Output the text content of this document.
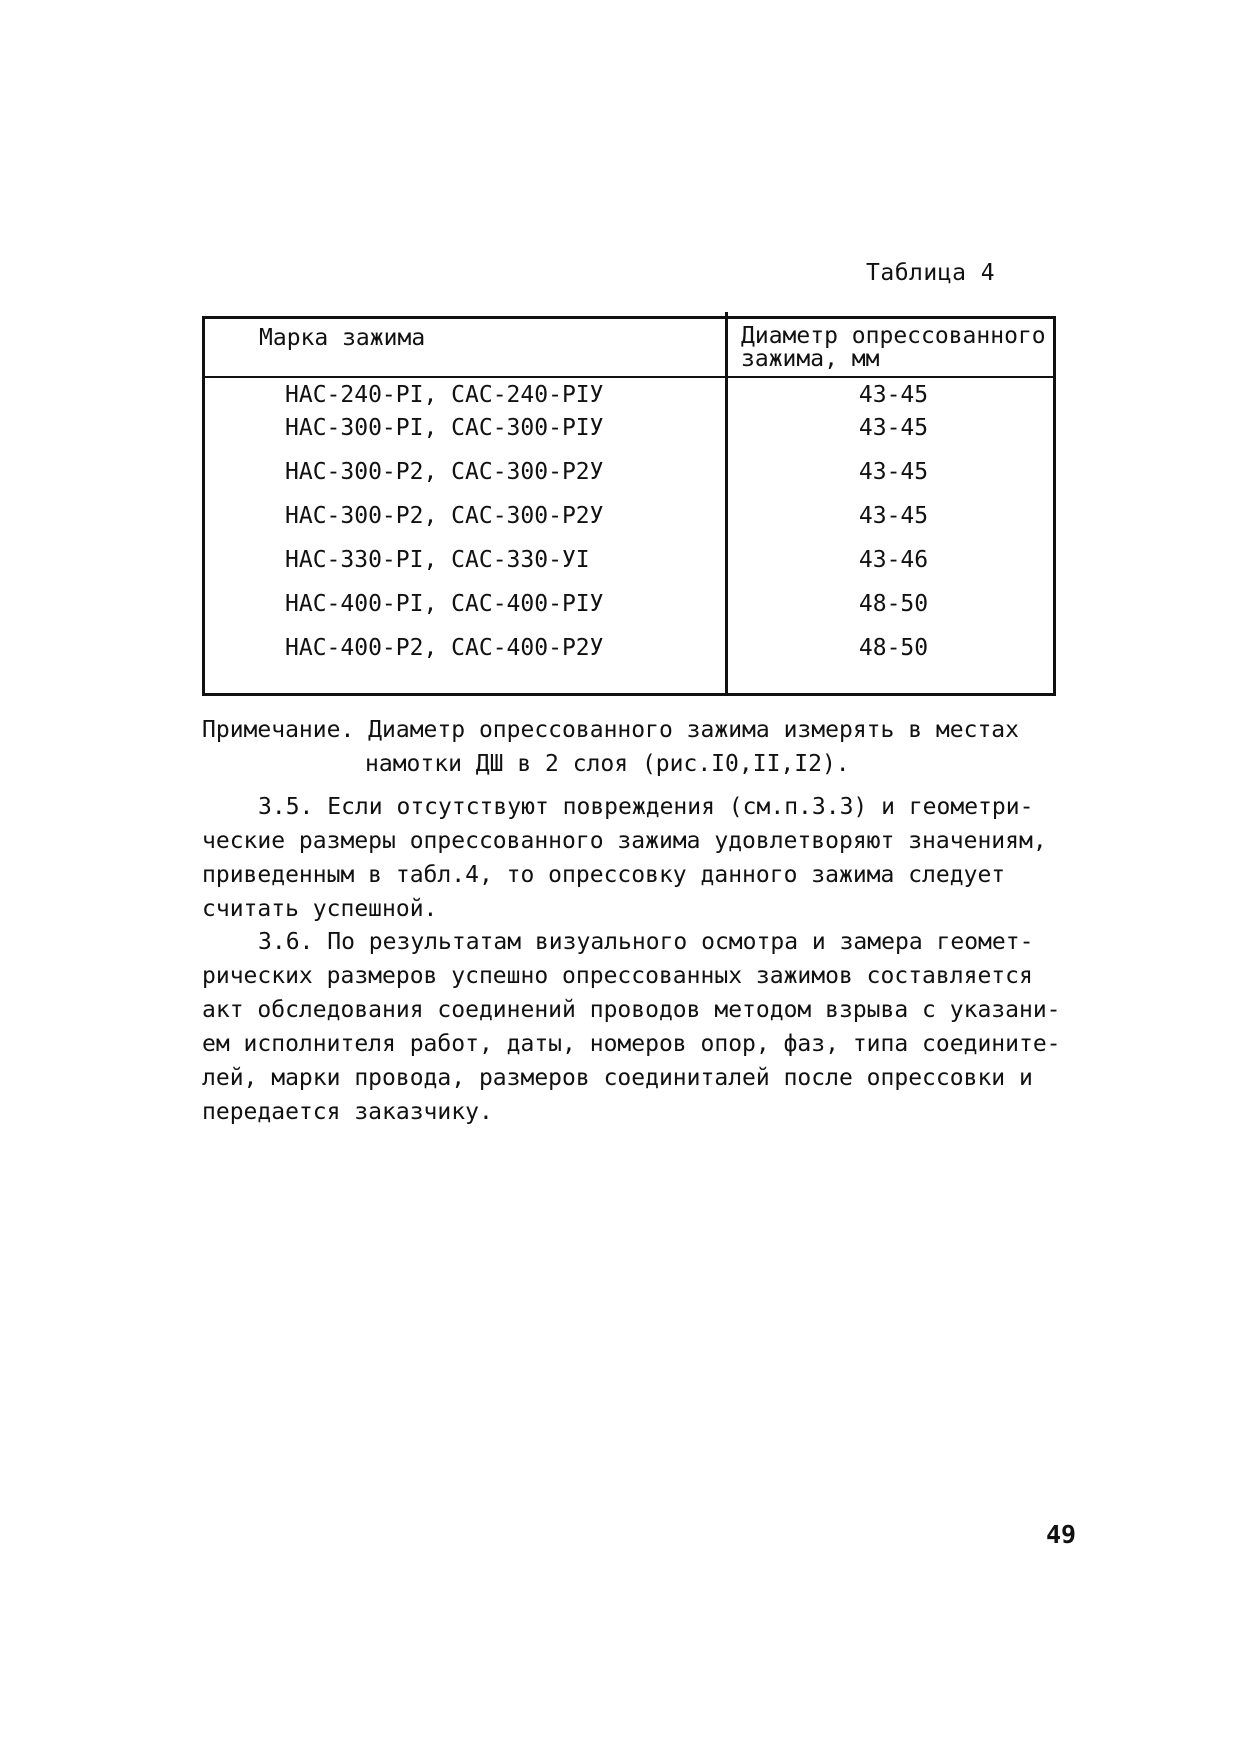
Таблица 4
Марка зажима	Диаметр опрессованного
зажима, мм
НАС-240-РI, САС-240-РIУ	43-45
НАС-300-РI, САС-300-РIУ	43-45
НАС-300-Р2, САС-300-Р2У	43-45
НАС-300-Р2, САС-300-Р2У	43-45
НАС-330-РI, САС-330-УI	43-46
НАС-400-РI, САС-400-РIУ	48-50
НАС-400-Р2, САС-400-Р2У	48-50
Примечание. Диаметр опрессованного зажима измерять в местах
намотки ДШ в 2 слоя (рис.I0,II,I2).
3.5. Если отсутствуют повреждения (см.п.3.3) и геометри-
ческие размеры опрессованного зажима удовлетворяют значениям,
приведенным в табл.4, то опрессовку данного зажима следует
считать успешной.
3.6. По результатам визуального осмотра и замера геомет-
рических размеров успешно опрессованных зажимов составляется
акт обследования соединений проводов методом взрыва с указани-
ем исполнителя работ, даты, номеров опор, фаз, типа соедините-
лей, марки провода, размеров соединиталей после опрессовки и
передается заказчику.
49
